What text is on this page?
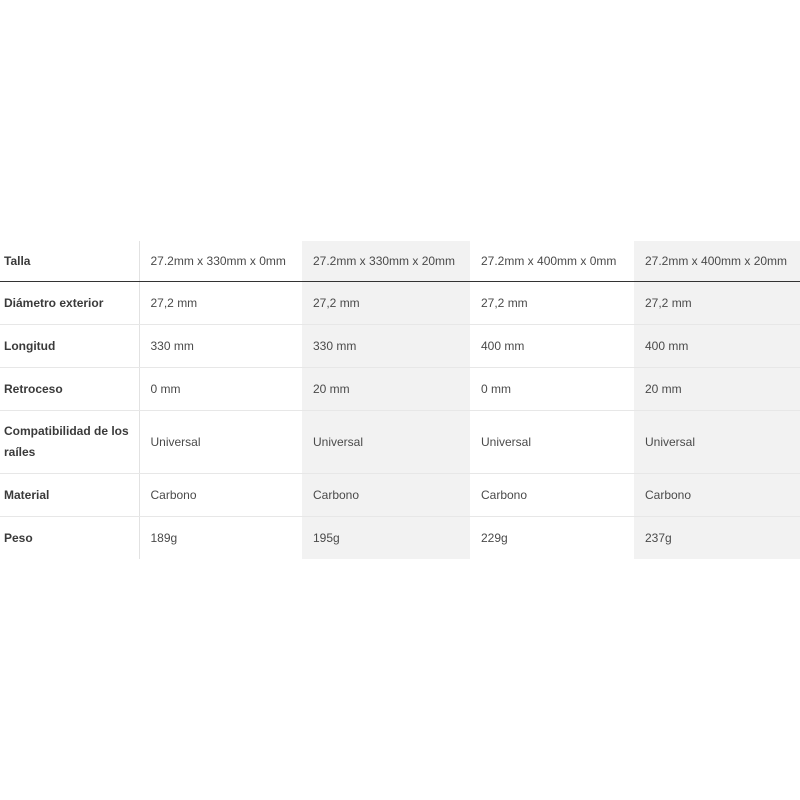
Talla	27.2mm x 330mm x 0mm	27.2mm x 330mm x 20mm	27.2mm x 400mm x 0mm	27.2mm x 400mm x 20mm
Diámetro exterior	27,2 mm	27,2 mm	27,2 mm	27,2 mm
Longitud	330 mm	330 mm	400 mm	400 mm
Retroceso	0 mm	20 mm	0 mm	20 mm
Compatibilidad de los raíles	Universal	Universal	Universal	Universal
Material	Carbono	Carbono	Carbono	Carbono
Peso	189g	195g	229g	237g
